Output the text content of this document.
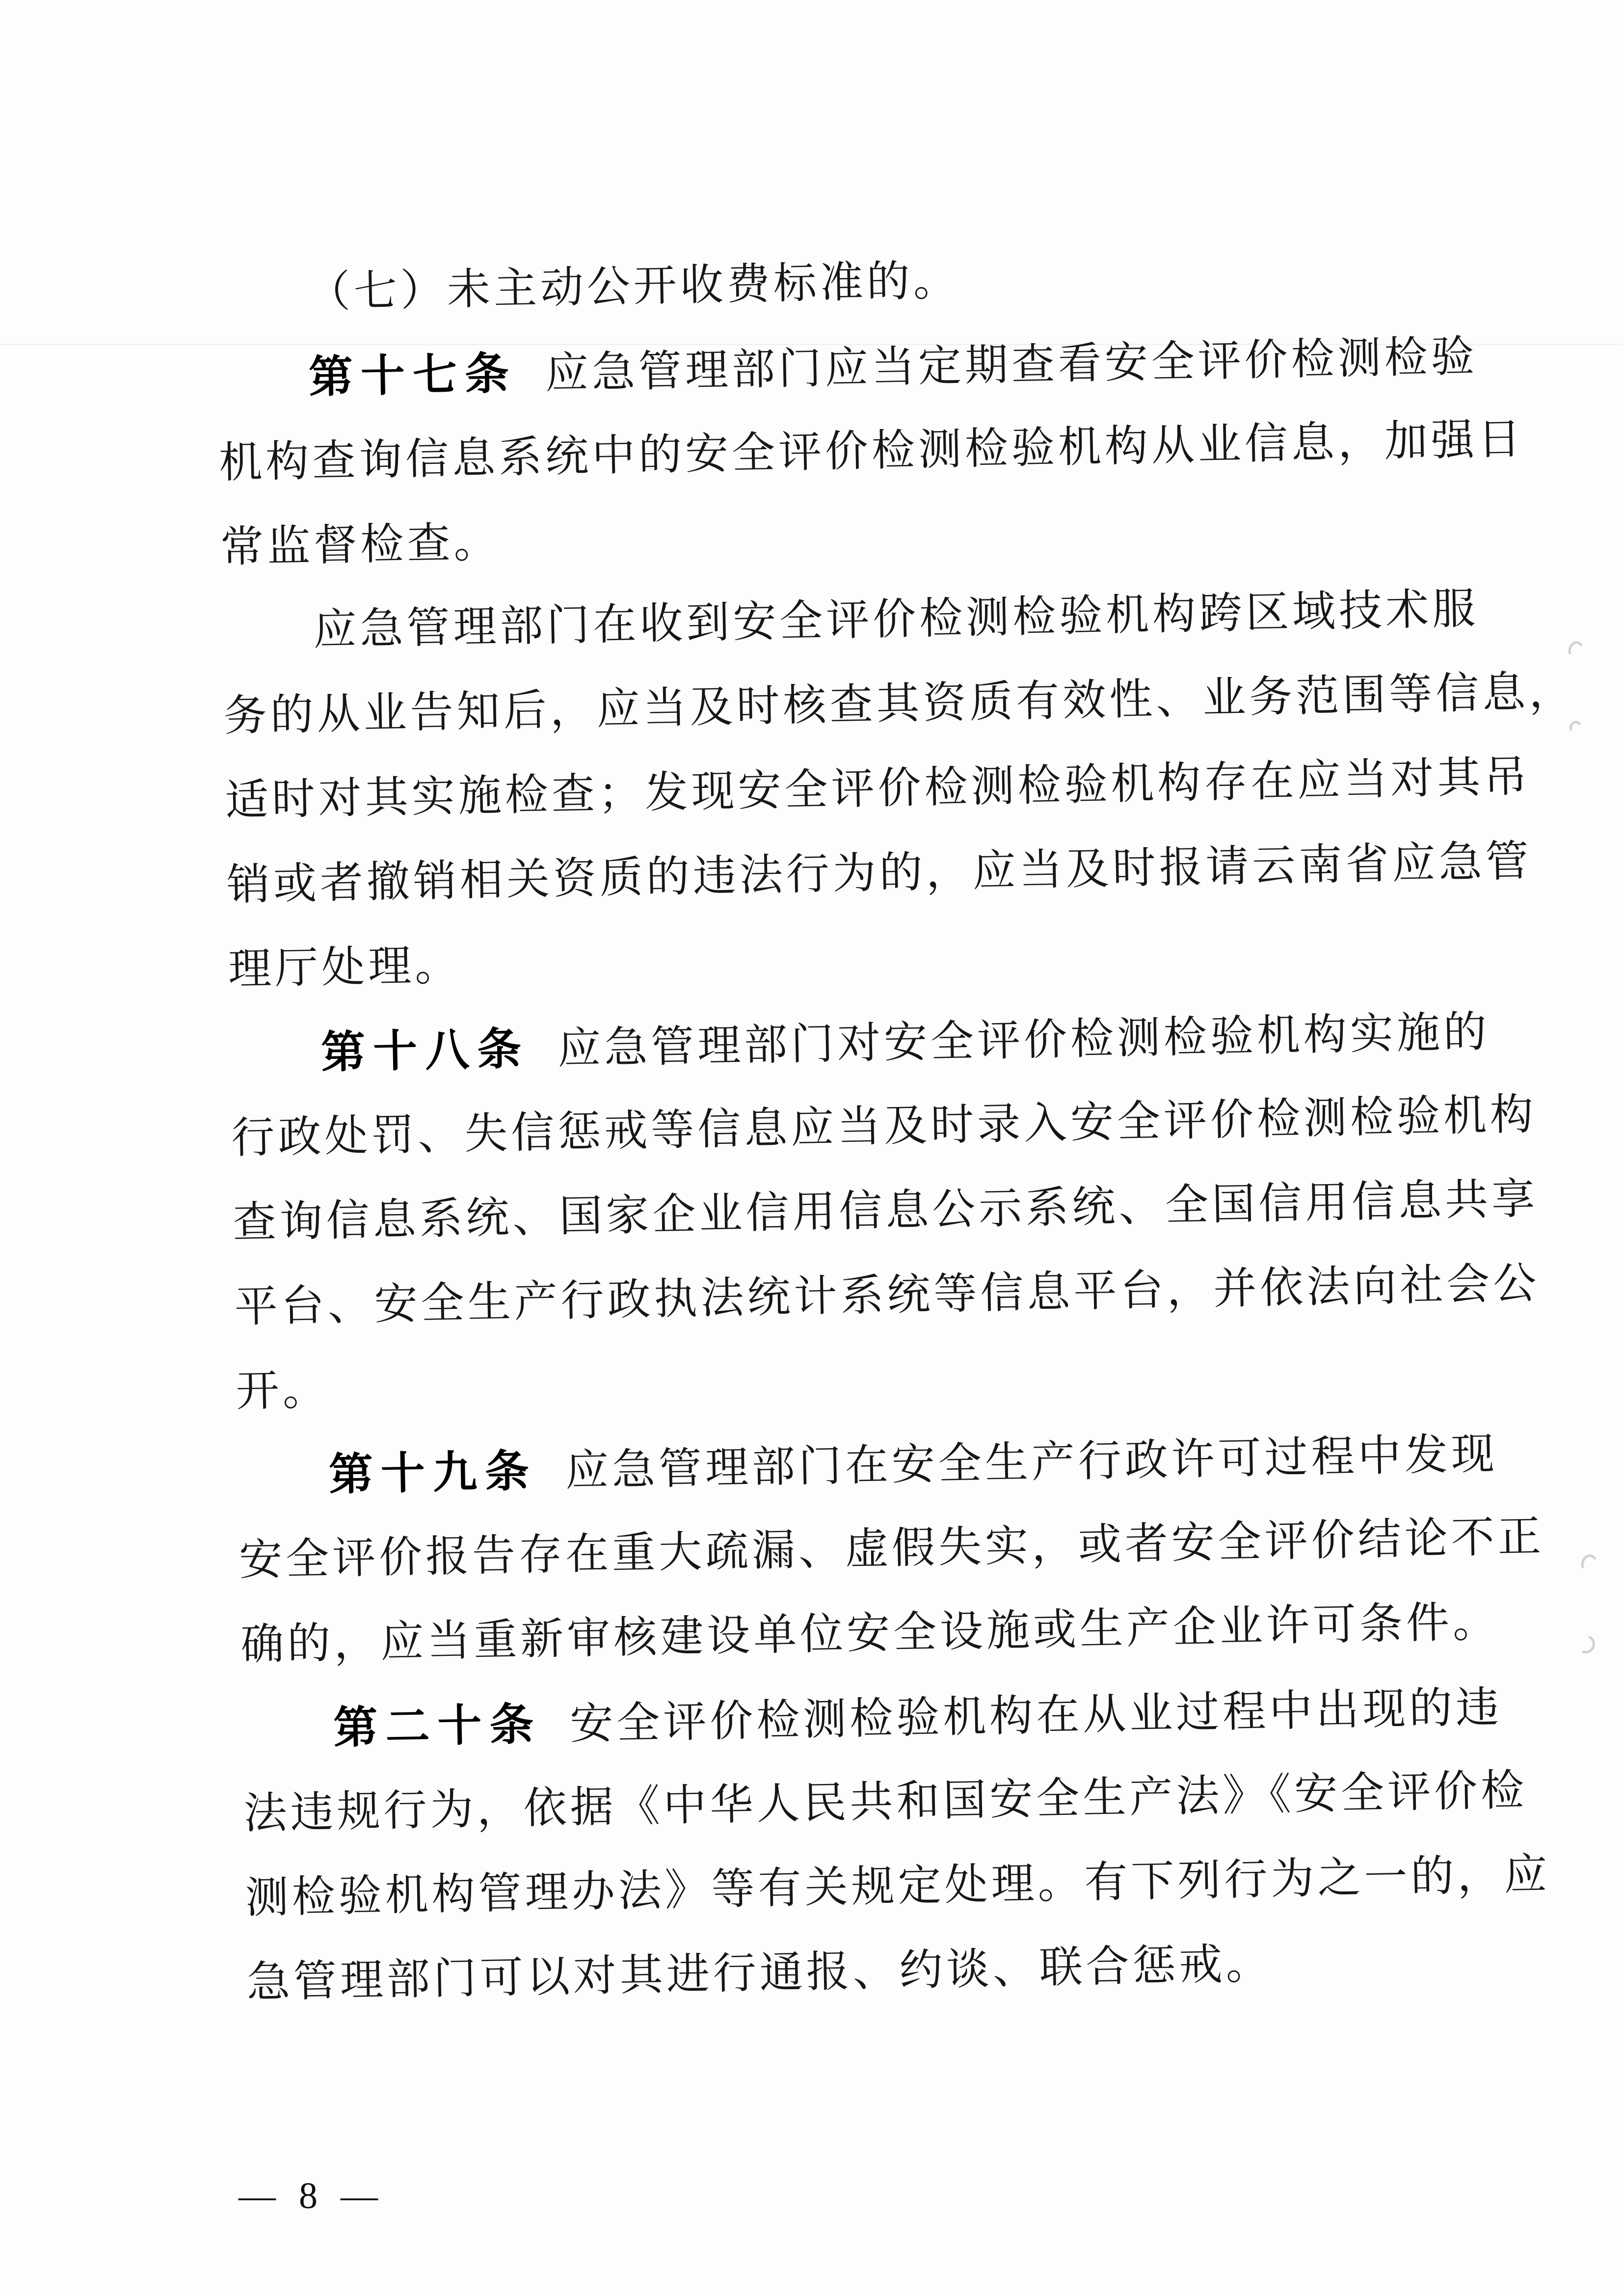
（七）未主动公开收费标准的。
第十七条 应急管理部门应当定期查看安全评价检测检验
机构查询信息系统中的安全评价检测检验机构从业信息，加强日
常监督检查。
应急管理部门在收到安全评价检测检验机构跨区域技术服
务的从业告知后，应当及时核查其资质有效性、业务范围等信息，
适时对其实施检查；发现安全评价检测检验机构存在应当对其吊
销或者撤销相关资质的违法行为的，应当及时报请云南省应急管
理厅处理。
第十八条 应急管理部门对安全评价检测检验机构实施的
行政处罚、失信惩戒等信息应当及时录入安全评价检测检验机构
查询信息系统、国家企业信用信息公示系统、全国信用信息共享
平台、安全生产行政执法统计系统等信息平台，并依法向社会公
开。
第十九条 应急管理部门在安全生产行政许可过程中发现
安全评价报告存在重大疏漏、虚假失实，或者安全评价结论不正
确的，应当重新审核建设单位安全设施或生产企业许可条件。
第二十条 安全评价检测检验机构在从业过程中出现的违
法违规行为，依据《中华人民共和国安全生产法》《安全评价检
测检验机构管理办法》等有关规定处理。有下列行为之一的，应
急管理部门可以对其进行通报、约谈、联合惩戒。
— 8 —
